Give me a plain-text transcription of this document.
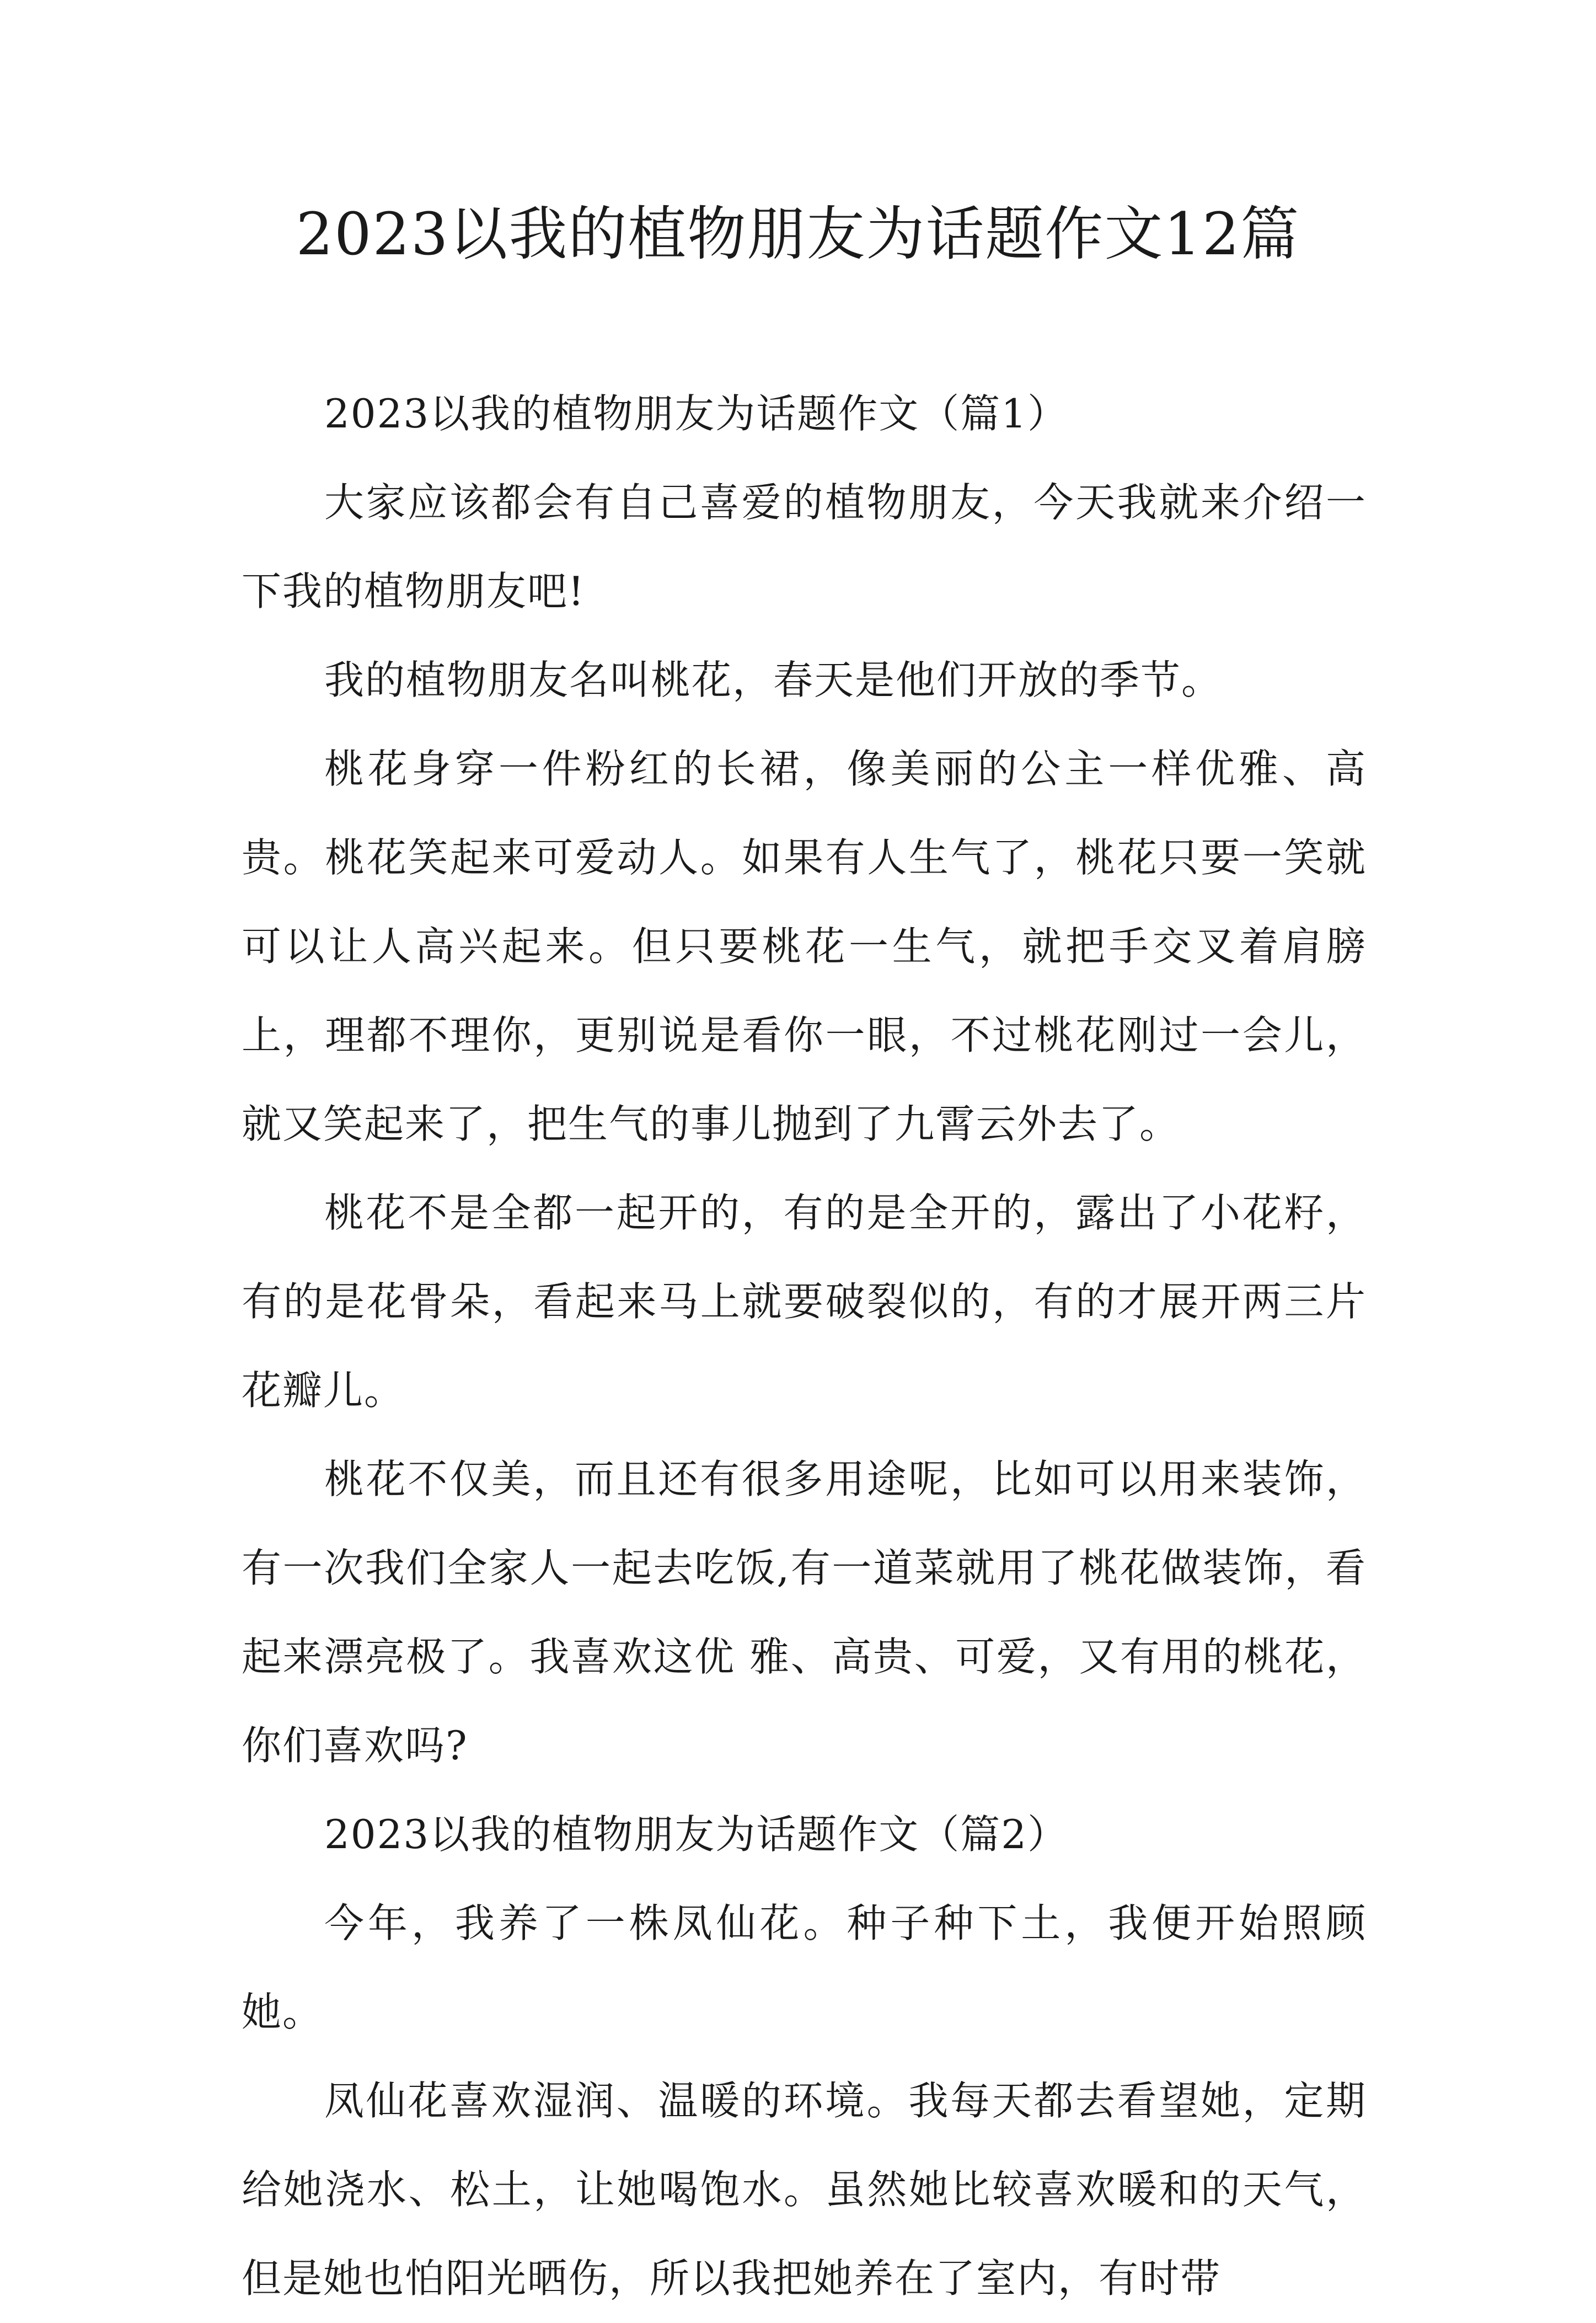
2023以我的植物朋友为话题作文12篇

2023以我的植物朋友为话题作文（篇1）

大家应该都会有自己喜爱的植物朋友，今天我就来介绍一下我的植物朋友吧!

我的植物朋友名叫桃花，春天是他们开放的季节。

桃花身穿一件粉红的长裙，像美丽的公主一样优雅、高贵。桃花笑起来可爱动人。如果有人生气了，桃花只要一笑就可以让人高兴起来。但只要桃花一生气，就把手交叉着肩膀上，理都不理你，更别说是看你一眼，不过桃花刚过一会儿，就又笑起来了，把生气的事儿抛到了九霄云外去了。

桃花不是全都一起开的，有的是全开的，露出了小花籽，有的是花骨朵，看起来马上就要破裂似的，有的才展开两三片花瓣儿。

桃花不仅美，而且还有很多用途呢，比如可以用来装饰，有一次我们全家人一起去吃饭,有一道菜就用了桃花做装饰，看起来漂亮极了。我喜欢这优 雅、高贵、可爱，又有用的桃花，你们喜欢吗?

2023以我的植物朋友为话题作文（篇2）

今年，我养了一株凤仙花。种子种下土，我便开始照顾她。

凤仙花喜欢湿润、温暖的环境。我每天都去看望她，定期给她浇水、松土，让她喝饱水。虽然她比较喜欢暖和的天气，但是她也怕阳光晒伤，所以我把她养在了室内，有时带
